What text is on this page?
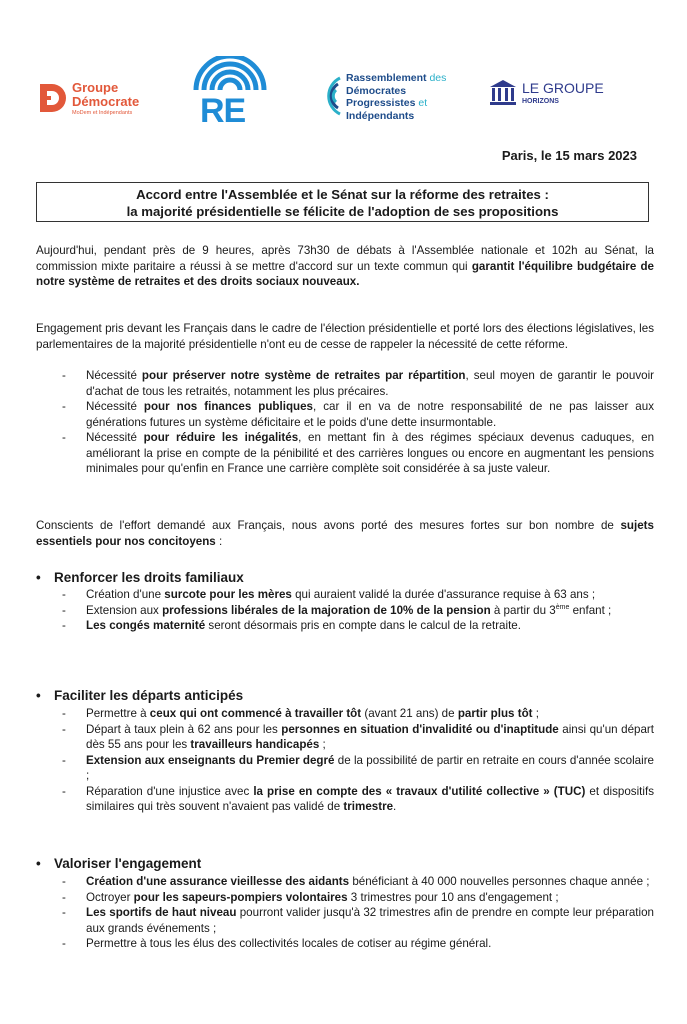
Groupe
Démocrate
MoDem et Indépendants RE
Rassemblement des
Démocrates
Progressistes et
Indépendants
LE GROUPE
HORIZONS
Paris, le 15 mars 2023
Accord entre l'Assemblée et le Sénat sur la réforme des retraites :
la majorité présidentielle se félicite de l'adoption de ses propositions
Aujourd'hui, pendant près de 9 heures, après 73h30 de débats à l'Assemblée nationale et 102h au Sénat, la commission mixte paritaire a réussi à se mettre d'accord sur un texte commun qui garantit l'équilibre budgétaire de notre système de retraites et des droits sociaux nouveaux.
Engagement pris devant les Français dans le cadre de l'élection présidentielle et porté lors des élections législatives, les parlementaires de la majorité présidentielle n'ont eu de cesse de rappeler la nécessité de cette réforme.
- Nécessité pour préserver notre système de retraites par répartition, seul moyen de garantir le pouvoir d'achat de tous les retraités, notamment les plus précaires.
- Nécessité pour nos finances publiques, car il en va de notre responsabilité de ne pas laisser aux générations futures un système déficitaire et le poids d'une dette insurmontable.
- Nécessité pour réduire les inégalités, en mettant fin à des régimes spéciaux devenus caduques, en améliorant la prise en compte de la pénibilité et des carrières longues ou encore en augmentant les pensions minimales pour qu'enfin en France une carrière complète soit considérée à sa juste valeur.
Conscients de l'effort demandé aux Français, nous avons porté des mesures fortes sur bon nombre de sujets essentiels pour nos concitoyens :
• Renforcer les droits familiaux
- Création d'une surcote pour les mères qui auraient validé la durée d'assurance requise à 63 ans ;
- Extension aux professions libérales de la majoration de 10% de la pension à partir du 3ème enfant ;
- Les congés maternité seront désormais pris en compte dans le calcul de la retraite.
• Faciliter les départs anticipés
- Permettre à ceux qui ont commencé à travailler tôt (avant 21 ans) de partir plus tôt ;
- Départ à taux plein à 62 ans pour les personnes en situation d'invalidité ou d'inaptitude ainsi qu'un départ dès 55 ans pour les travailleurs handicapés ;
- Extension aux enseignants du Premier degré de la possibilité de partir en retraite en cours d'année scolaire ;
- Réparation d'une injustice avec la prise en compte des « travaux d'utilité collective » (TUC) et dispositifs similaires qui très souvent n'avaient pas validé de trimestre.
• Valoriser l'engagement
- Création d'une assurance vieillesse des aidants bénéficiant à 40 000 nouvelles personnes chaque année ;
- Octroyer pour les sapeurs-pompiers volontaires 3 trimestres pour 10 ans d'engagement ;
- Les sportifs de haut niveau pourront valider jusqu'à 32 trimestres afin de prendre en compte leur préparation aux grands événements ;
- Permettre à tous les élus des collectivités locales de cotiser au régime général.
